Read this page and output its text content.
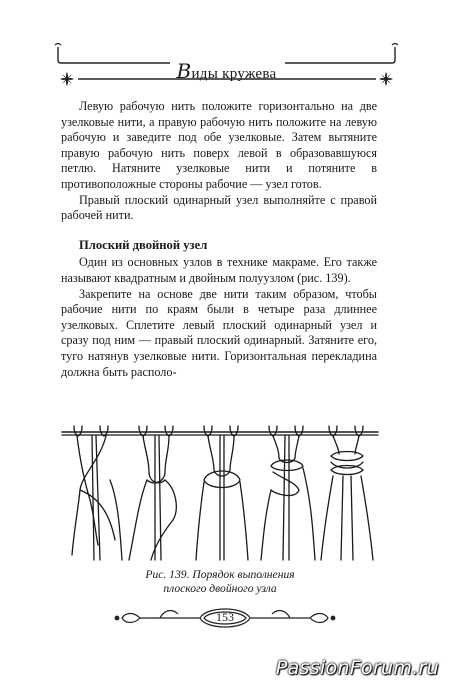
Виды кружева

Левую рабочую нить положите горизонтально на две узелковые нити, а правую рабочую нить положите на левую рабочую и заведите под обе узелковые. Затем вытяните правую рабочую нить поверх левой в образовавшуюся петлю. Натяните узелковые нити и потяните в противоположные стороны рабочие — узел готов.

Правый плоский одинарный узел выполняйте с правой рабочей нити.

Плоский двойной узел

Один из основных узлов в технике макраме. Его также называют квадратным и двойным полуузлом (рис. 139).

Закрепите на основе две нити таким образом, чтобы рабочие нити по краям были в четыре раза длиннее узелковых. Сплетите левый плоский одинарный узел и сразу под ним — правый плоский одинарный. Затяните его, туго натянув узелковые нити. Горизонтальная перекладина должна быть располо-

Рис. 139. Порядок выполнения
плоского двойного узла
153
PassionForum.ru
